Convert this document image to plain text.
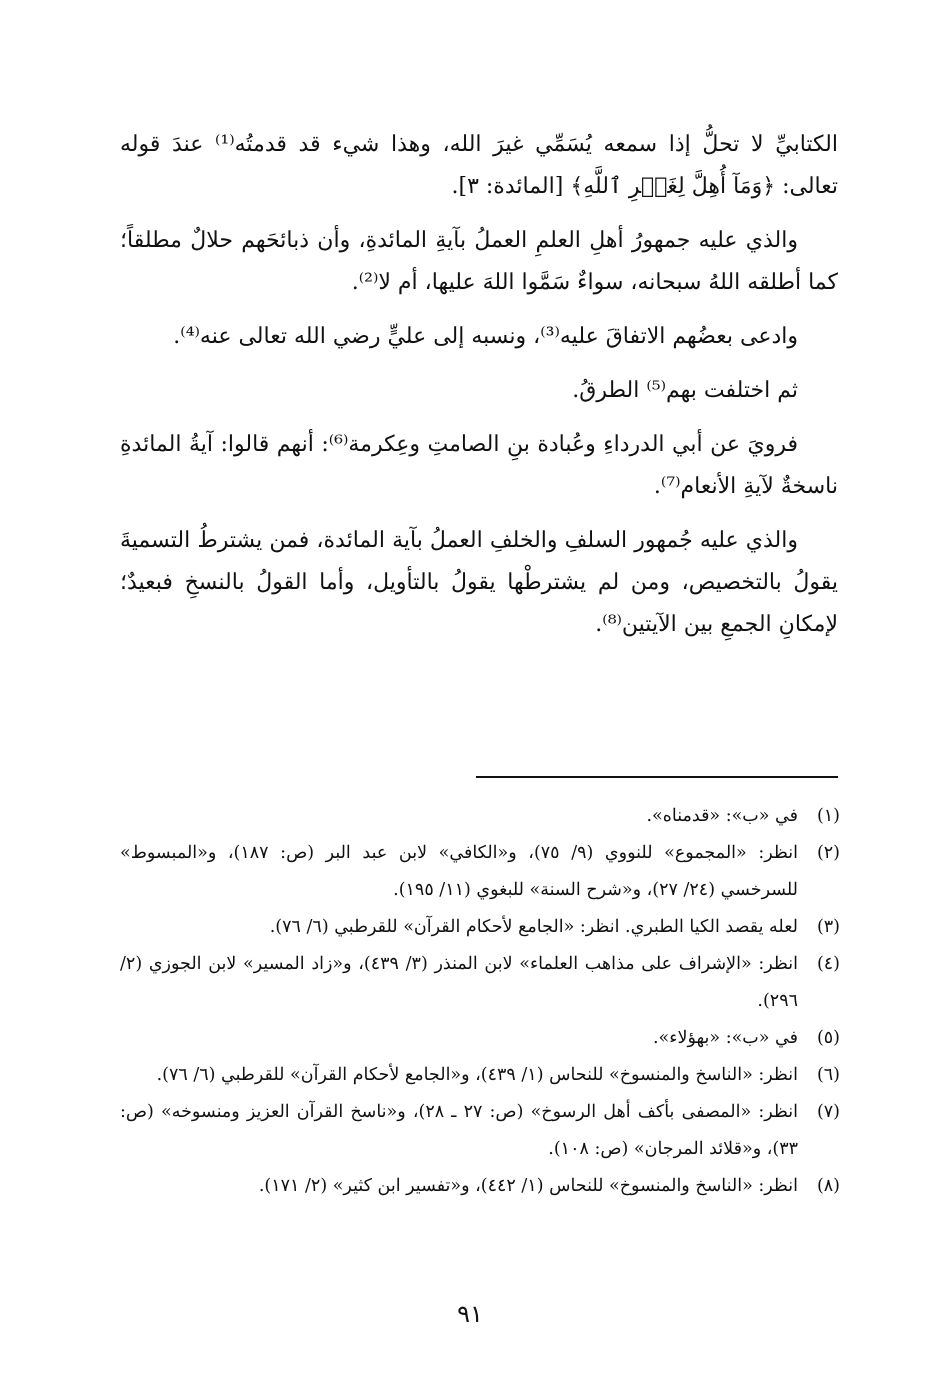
الكتابيِّ لا تحلُّ إذا سمعه يُسَمِّي غيرَ الله، وهذا شيء قد قدمتُه⁽¹⁾ عندَ قوله تعالى: ﴿وَمَآ أُهِلَّ لِغَيۡرِ ٱللَّهِ﴾ [المائدة: ٣].

والذي عليه جمهورُ أهلِ العلمِ العملُ بآيةِ المائدةِ، وأن ذبائحَهم حلالٌ مطلقاً؛ كما أطلقه اللهُ سبحانه، سواءٌ سَمَّوا اللهَ عليها، أم لا⁽²⁾.

وادعى بعضُهم الاتفاقَ عليه⁽³⁾، ونسبه إلى عليٍّ رضي الله تعالى عنه⁽⁴⁾.

ثم اختلفت بهم⁽⁵⁾ الطرقُ.

فرويَ عن أبي الدرداءِ وعُبادة بنِ الصامتِ وعِكرمة⁽⁶⁾: أنهم قالوا: آيةُ المائدةِ ناسخةٌ لآيةِ الأنعام⁽⁷⁾.

والذي عليه جُمهور السلفِ والخلفِ العملُ بآية المائدة، فمن يشترطُ التسميةَ يقولُ بالتخصيص، ومن لم يشترطْها يقولُ بالتأويل، وأما القولُ بالنسخِ فبعيدٌ؛ لإمكانِ الجمعِ بين الآيتين⁽⁸⁾.

(١)
في «ب»: «قدمناه».
(٢)
انظر: «المجموع» للنووي (٩/ ٧٥)، و«الكافي» لابن عبد البر (ص: ١٨٧)، و«المبسوط» للسرخسي (٢٤/ ٢٧)، و«شرح السنة» للبغوي (١١/ ١٩٥).
(٣)
لعله يقصد الكيا الطبري. انظر: «الجامع لأحكام القرآن» للقرطبي (٦/ ٧٦).
(٤)
انظر: «الإشراف على مذاهب العلماء» لابن المنذر (٣/ ٤٣٩)، و«زاد المسير» لابن الجوزي (٢/ ٢٩٦).
(٥)
في «ب»: «بهؤلاء».
(٦)
انظر: «الناسخ والمنسوخ» للنحاس (١/ ٤٣٩)، و«الجامع لأحكام القرآن» للقرطبي (٦/ ٧٦).
(٧)
انظر: «المصفى بأكف أهل الرسوخ» (ص: ٢٧ ـ ٢٨)، و«ناسخ القرآن العزيز ومنسوخه» (ص: ٣٣)، و«قلائد المرجان» (ص: ١٠٨).
(٨)
انظر: «الناسخ والمنسوخ» للنحاس (١/ ٤٤٢)، و«تفسير ابن كثير» (٢/ ١٧١).
٩١
